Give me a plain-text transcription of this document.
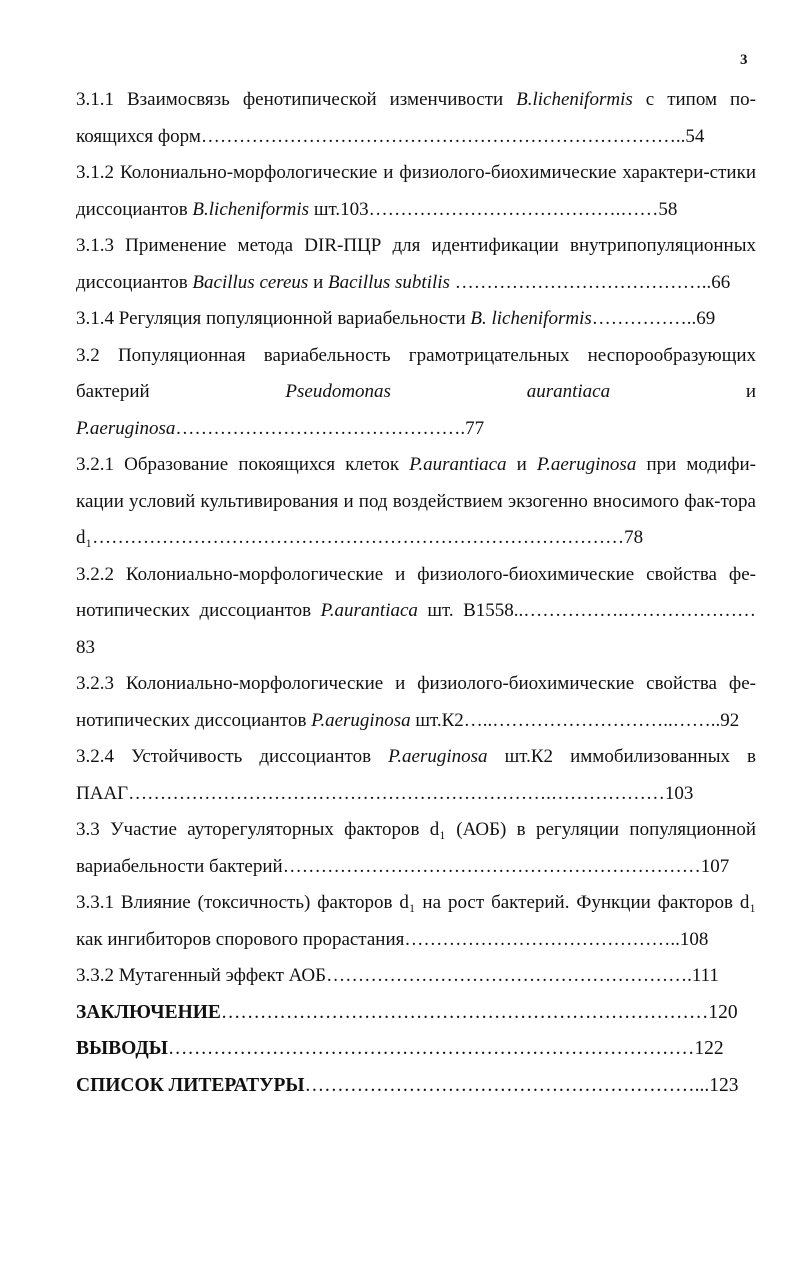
3

3.1.1 Взаимосвязь фенотипической изменчивости B.licheniformis с типом по-коящихся форм…………………………………………………………………..54

3.1.2 Колониально-морфологические и физиолого-биохимические характери-стики диссоциантов B.licheniformis шт.103………………………………….……58

3.1.3 Применение метода DIR-ПЦР для идентификации внутрипопуляционных диссоциантов Bacillus cereus и Bacillus subtilis …………………………………..66

3.1.4 Регуляция популяционной вариабельности B. licheniformis……………..69

3.2 Популяционная вариабельность грамотрицательных неспорообразующих бактерий Pseudomonas aurantiaca и P.aeruginosa……………………………………….77

3.2.1 Образование покоящихся клеток P.aurantiaca и P.aeruginosa при модифи-кации условий культивирования и под воздействием экзогенно вносимого фак-тора d₁…………………………………………………………………………78

3.2.2 Колониально-морфологические и физиолого-биохимические свойства фе-нотипических диссоциантов P.aurantiaca шт. В1558..…………….…………………83

3.2.3 Колониально-морфологические и физиолого-биохимические свойства фе-нотипических диссоциантов P.aeruginosa шт.К2…..………………………..……..92

3.2.4 Устойчивость диссоциантов P.aeruginosa шт.К2 иммобилизованных в ПААГ………………………………………………………….………………103

3.3 Участие ауторегуляторных факторов d₁ (АОБ) в регуляции популяционной вариабельности бактерий…………………………………………………………107

3.3.1 Влияние (токсичность) факторов d₁ на рост бактерий. Функции факторов d₁ как ингибиторов спорового прорастания……………………………………..108

3.3.2 Мутагенный эффект АОБ………………………………………………….111

ЗАКЛЮЧЕНИЕ…………………………………………………………………120

ВЫВОДЫ………………………………………………………………………122

СПИСОК ЛИТЕРАТУРЫ……………………………………………………...123
